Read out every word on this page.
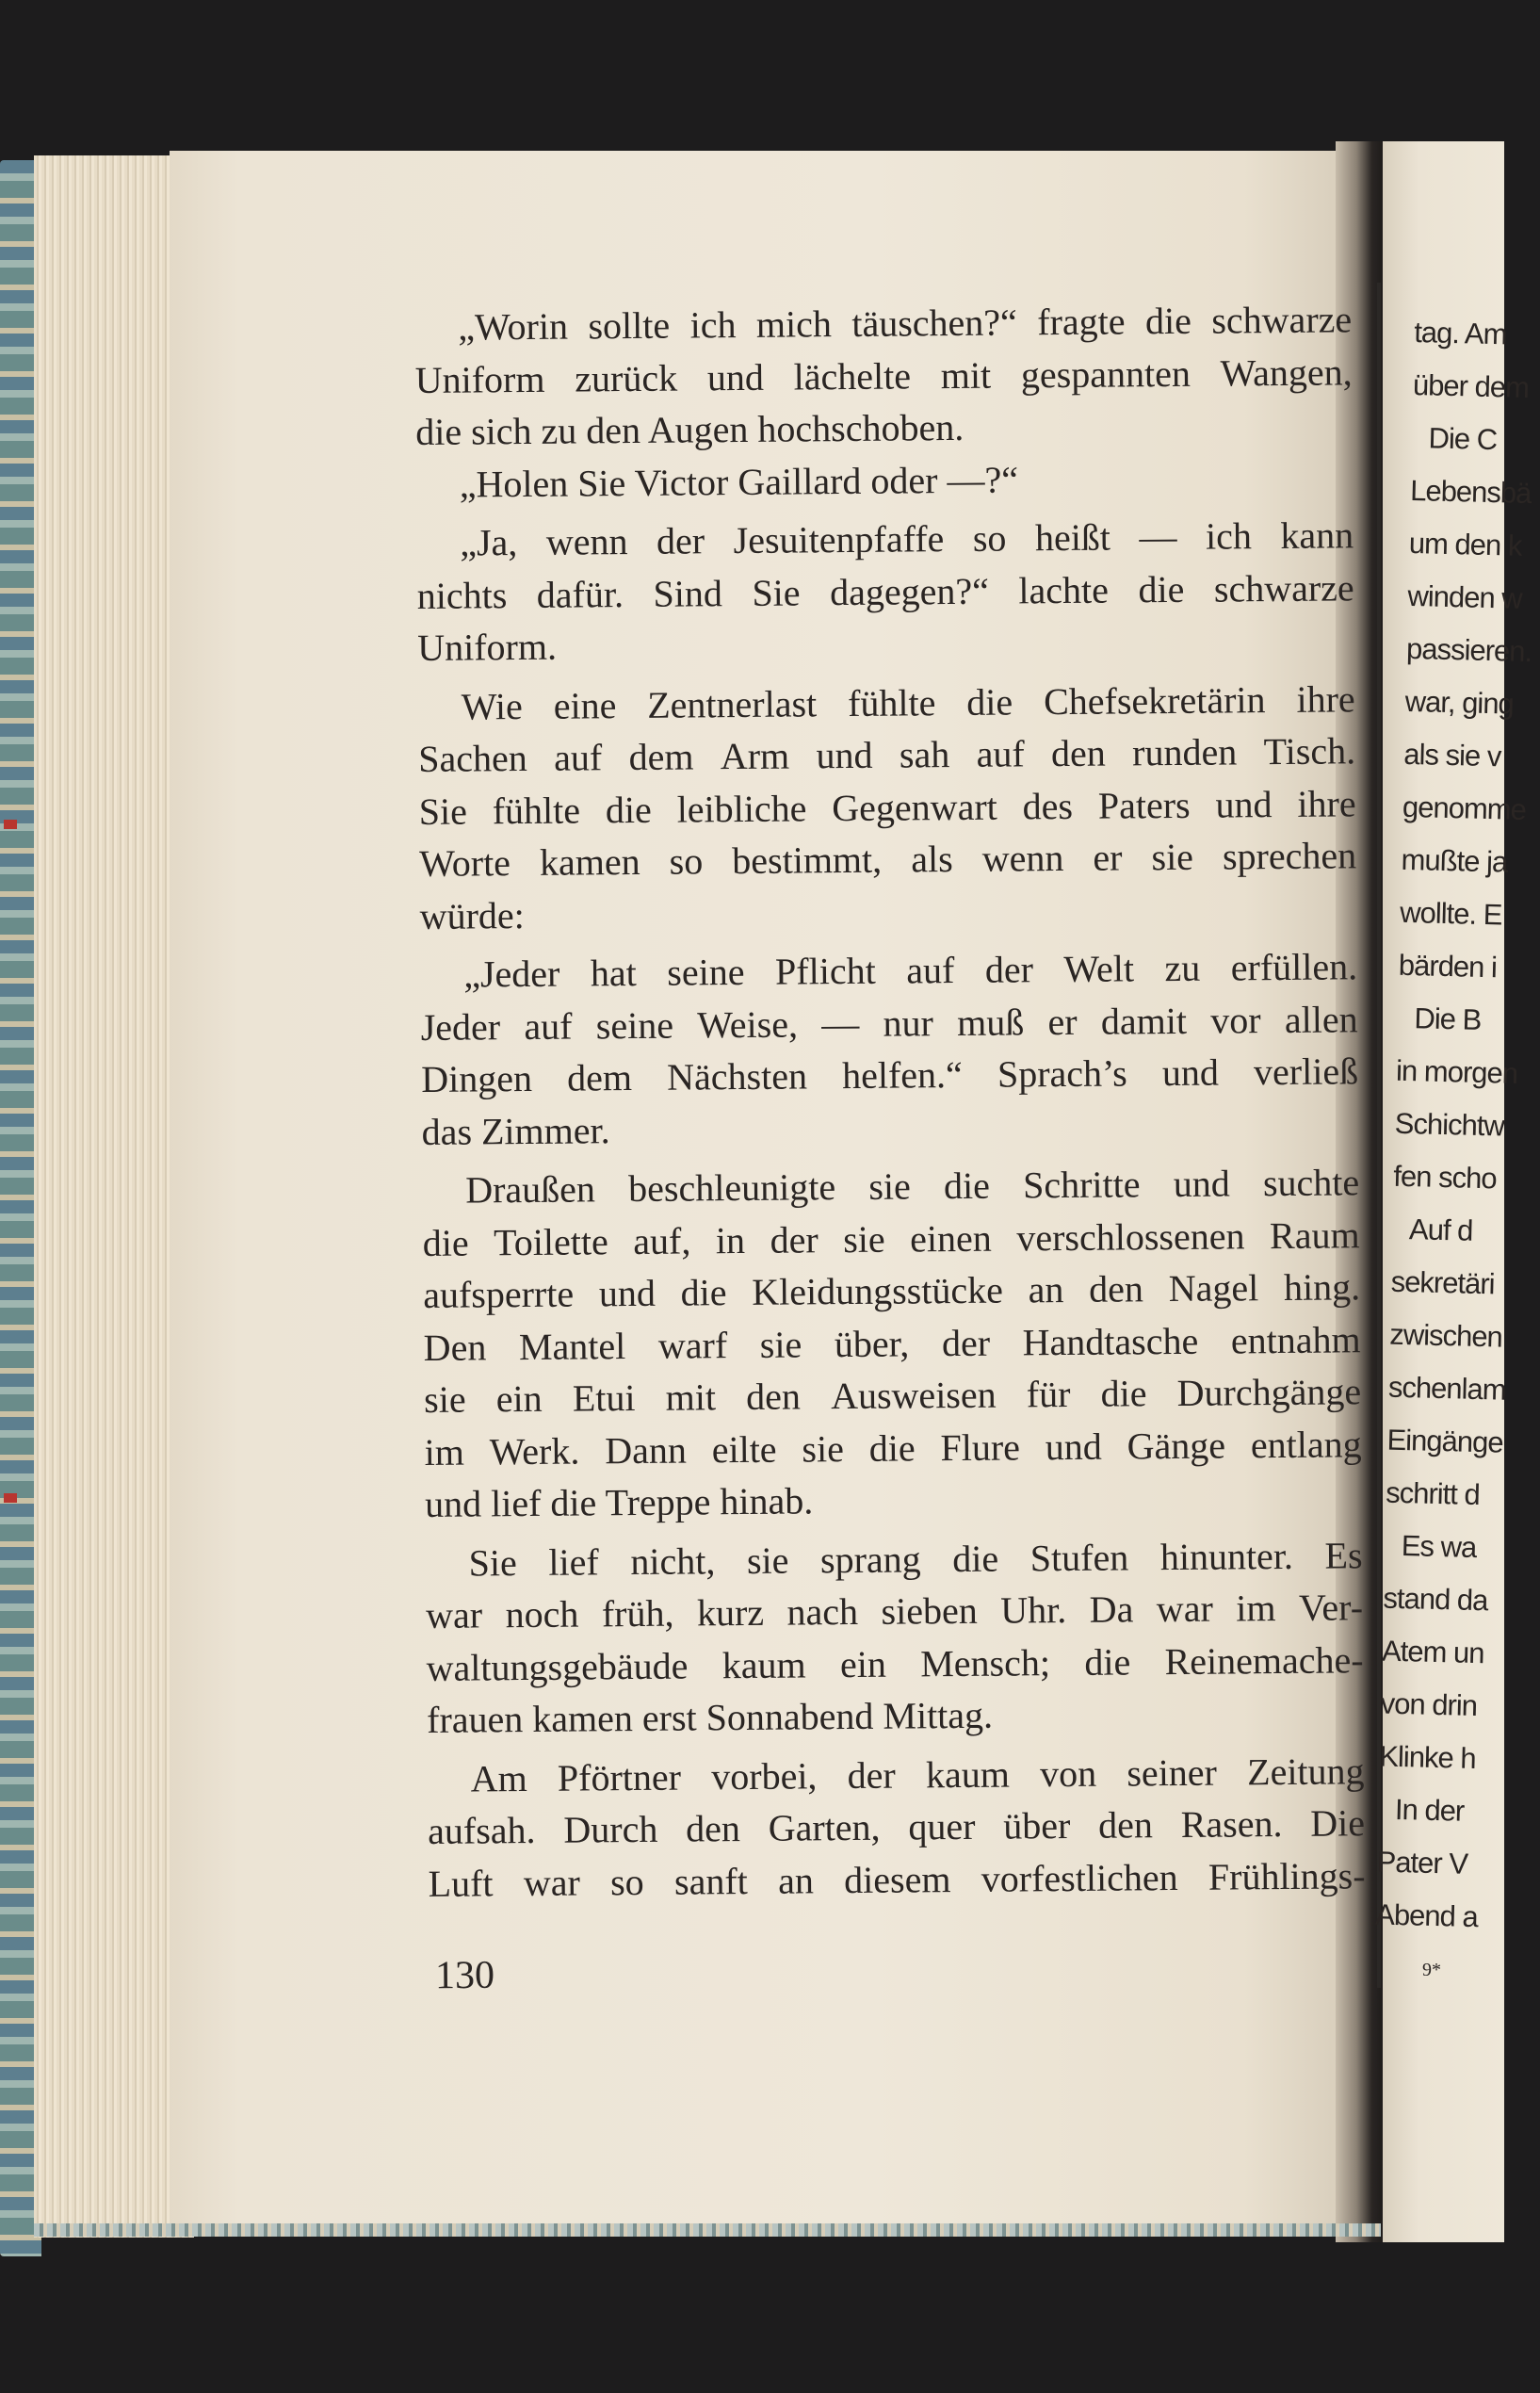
„Worin sollte ich mich täuschen?“ fragte die schwarze
Uniform zurück und lächelte mit gespannten Wangen,
die sich zu den Augen hochschoben.
„Holen Sie Victor Gaillard oder —?“
„Ja, wenn der Jesuitenpfaffe so heißt — ich kann
nichts dafür. Sind Sie dagegen?“ lachte die schwarze
Uniform.
Wie eine Zentnerlast fühlte die Chefsekretärin ihre
Sachen auf dem Arm und sah auf den runden Tisch.
Sie fühlte die leibliche Gegenwart des Paters und ihre
Worte kamen so bestimmt, als wenn er sie sprechen
würde:
„Jeder hat seine Pflicht auf der Welt zu erfüllen.
Jeder auf seine Weise, — nur muß er damit vor allen
Dingen dem Nächsten helfen.“ Sprach’s und verließ
das Zimmer.
Draußen beschleunigte sie die Schritte und suchte
die Toilette auf, in der sie einen verschlossenen Raum
aufsperrte und die Kleidungsstücke an den Nagel hing.
Den Mantel warf sie über, der Handtasche entnahm
sie ein Etui mit den Ausweisen für die Durchgänge
im Werk. Dann eilte sie die Flure und Gänge entlang
und lief die Treppe hinab.
Sie lief nicht, sie sprang die Stufen hinunter. Es
war noch früh, kurz nach sieben Uhr. Da war im Ver-
waltungsgebäude kaum ein Mensch; die Reinemache-
frauen kamen erst Sonnabend Mittag.
Am Pförtner vorbei, der kaum von seiner Zeitung
aufsah. Durch den Garten, quer über den Rasen. Die
Luft war so sanft an diesem vorfestlichen Frühlings-
130
tag. Am
über dem
Die C
Lebensbä
um den k
winden w
passieren.
war, ging
als sie v
genomme
mußte ja
wollte. E
bärden i
Die B
in morgen
Schichtw
fen scho
Auf d
sekretäri
zwischen
schenlam
Eingänge
schritt d
Es wa
stand da
Atem un
von drin
Klinke h
In der
Pater V
Abend a
9*
